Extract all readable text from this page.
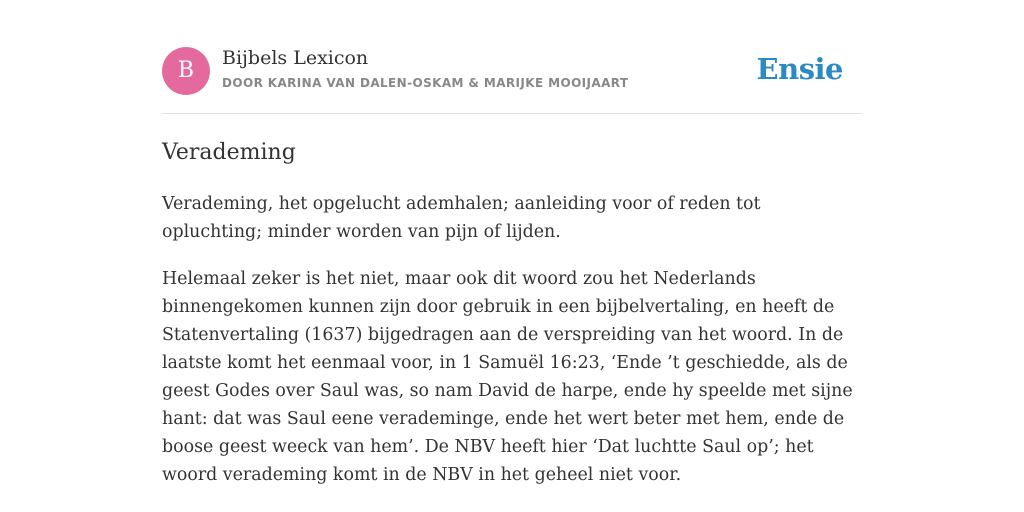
B	Bijbels Lexicon
DOOR KARINA VAN DALEN-OSKAM & MARIJKE MOOIJAART	Ensie
Verademing

Verademing, het opgelucht ademhalen; aanleiding voor of reden tot opluchting; minder worden van pijn of lijden.

Helemaal zeker is het niet, maar ook dit woord zou het Nederlands binnengekomen kunnen zijn door gebruik in een bijbelvertaling, en heeft de Statenvertaling (1637) bijgedragen aan de verspreiding van het woord. In de laatste komt het eenmaal voor, in 1 Samuël 16:23, ‘Ende ’t geschiedde, als de geest Godes over Saul was, so nam David de harpe, ende hy speelde met sijne hant: dat was Saul eene verademinge, ende het wert beter met hem, ende de boose geest weeck van hem’. De NBV heeft hier ‘Dat luchtte Saul op’; het woord verademing komt in de NBV in het geheel niet voor.
